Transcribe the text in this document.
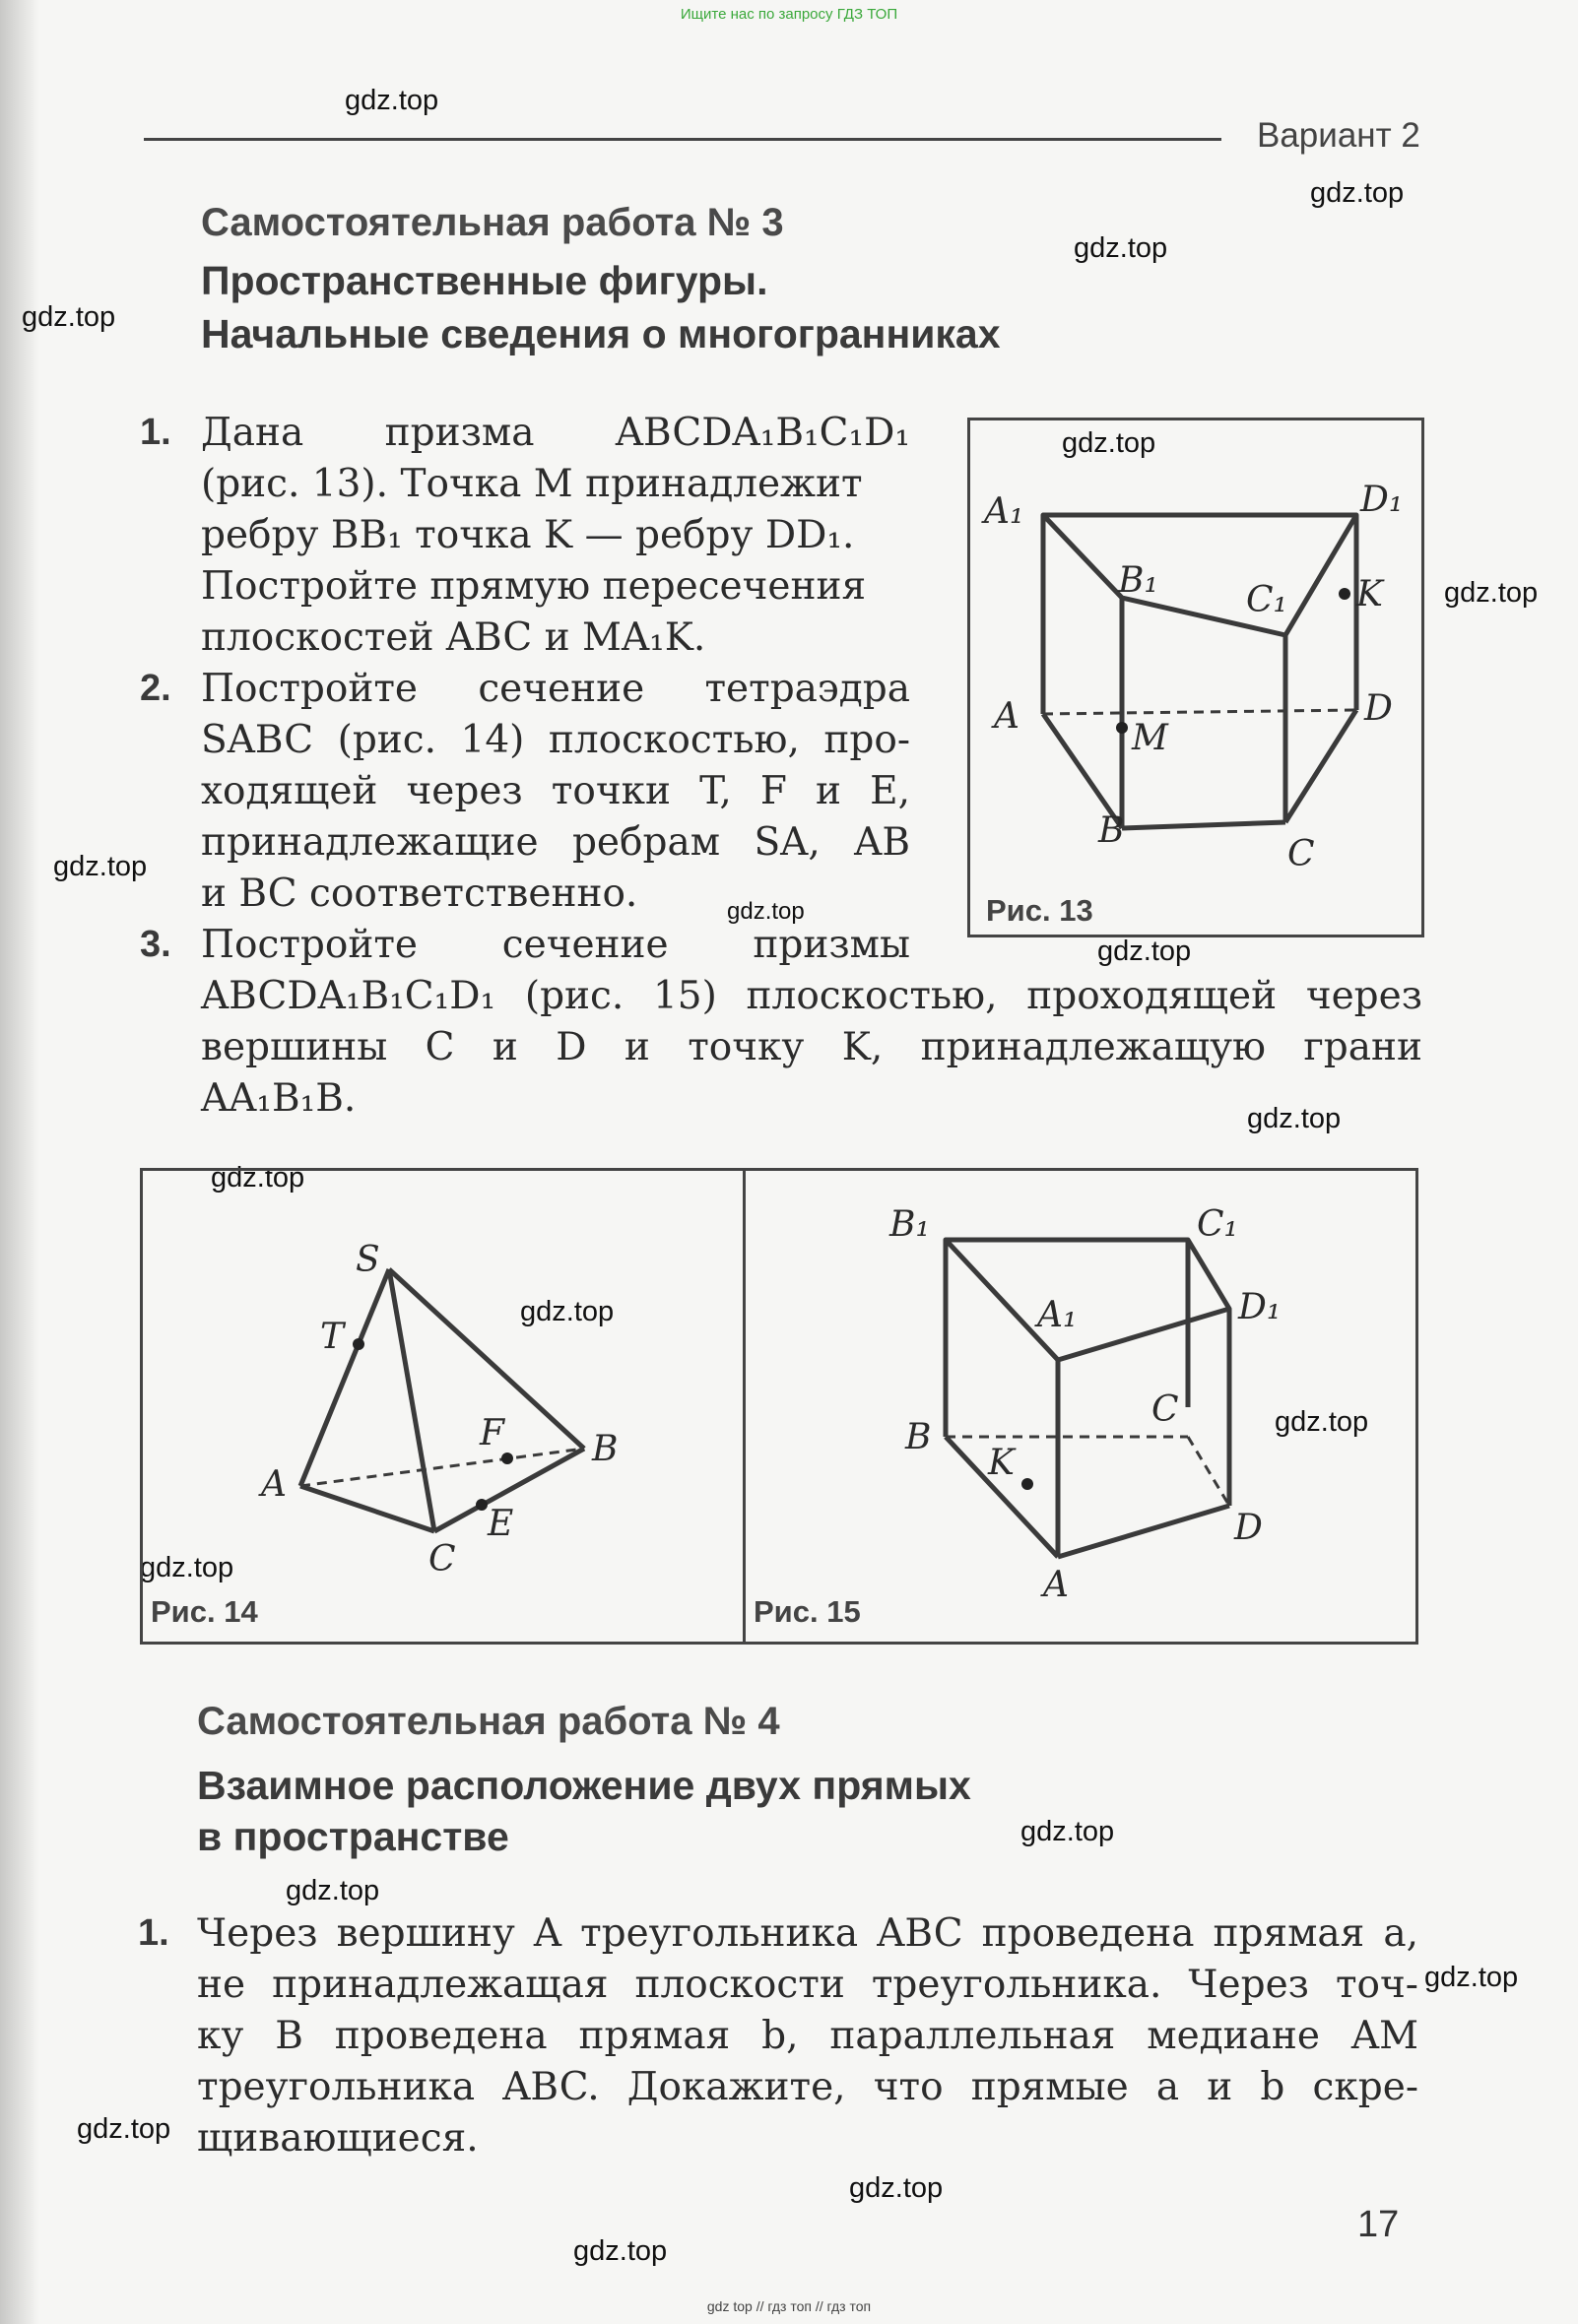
Ищите нас по запросу ГДЗ ТОП
gdz.top
gdz.top
gdz.top
gdz.top
gdz.top
gdz.top
gdz.top
gdz.top
gdz.top
gdz.top
gdz.top
gdz.top
gdz.top
gdz.top
gdz.top
gdz.top
gdz.top
gdz.top
gdz.top
gdz.top
Вариант 2
Самостоятельная работа № 3
Пространственные фигуры.
Начальные сведения о многогранниках
1. Дана призма ABCDA₁B₁C₁D₁
(рис. 13). Точка M принадлежит
ребру BB₁ точка K — ребру DD₁.
Постройте прямую пересечения
плоскостей ABC и MA₁K.
2. Постройте сечение тетраэдра
SABC (рис. 14) плоскостью, про-
ходящей через точки T, F и E,
принадлежащие ребрам SA, AB
и BC соответственно.
3. Постройте сечение призмы
ABCDA₁B₁C₁D₁ (рис. 15) плоскостью, проходящей через
вершины C и D и точку K, принадлежащую грани
AA₁B₁B.
A₁	D₁
B₁ C₁ K
A	D
M
B
C
Рис. 13
S
T
F B
A
E
C
Рис. 14
B₁	C₁
A₁	D₁
C
B
K
D
A
Рис. 15
Самостоятельная работа № 4
Взаимное расположение двух прямых
в пространстве
1. Через вершину A треугольника ABC проведена прямая a,
не принадлежащая плоскости треугольника. Через точ-
ку B проведена прямая b, параллельная медиане AM
треугольника ABC. Докажите, что прямые a и b скре-
щивающиеся.
17
gdz top // гдз топ // гдз топ
